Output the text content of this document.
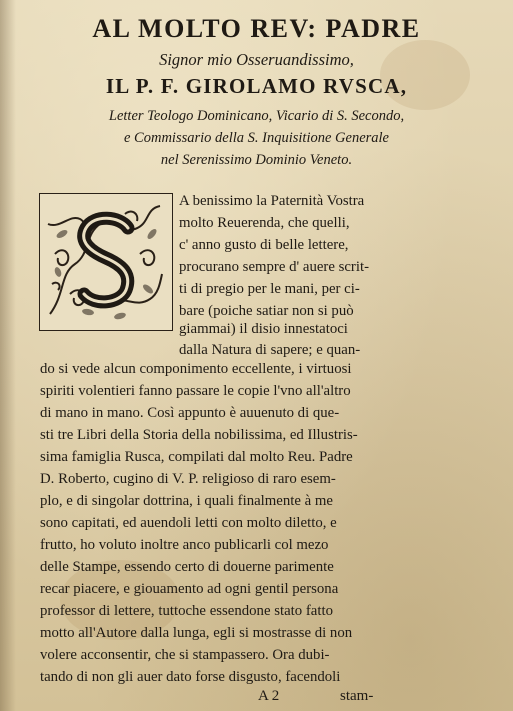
AL MOLTO REV: PADRE
Signor mio Osseruandissimo,
IL P. F. GIROLAMO RVSCA,
Letter Teologo Dominicano, Vicario di S. Secondo,
e Commissario della S. Inquisitione Generale
nel Serenissimo Dominio Veneto.
A benissimo la Paternità Vostra
molto Reuerenda, che quelli,
c' anno gusto di belle lettere,
procurano sempre d' auere scrit-
ti di pregio per le mani, per ci-
bare (poiche satiar non si può
giammai) il disio innestatoci
dalla Natura di sapere; e quan-
do si vede alcun componimento eccellente, i virtuosi
spiriti volentieri fanno passare le copie l'vno all'altro
di mano in mano. Così appunto è auuenuto di que-
sti tre Libri della Storia della nobilissima, ed Illustris-
sima famiglia Rusca, compilati dal molto Reu. Padre
D. Roberto, cugino di V. P. religioso di raro esem-
plo, e di singolar dottrina, i quali finalmente à me
sono capitati, ed auendoli letti con molto diletto, e
frutto, ho voluto inoltre anco publicarli col mezo
delle Stampe, essendo certo di douerne parimente
recar piacere, e giouamento ad ogni gentil persona
professor di lettere, tuttoche essendone stato fatto
motto all'Autore dalla lunga, egli si mostrasse di non
volere acconsentir, che si stampassero. Ora dubi-
tando di non gli auer dato forse disgusto, facendoli
A 2	stam-
